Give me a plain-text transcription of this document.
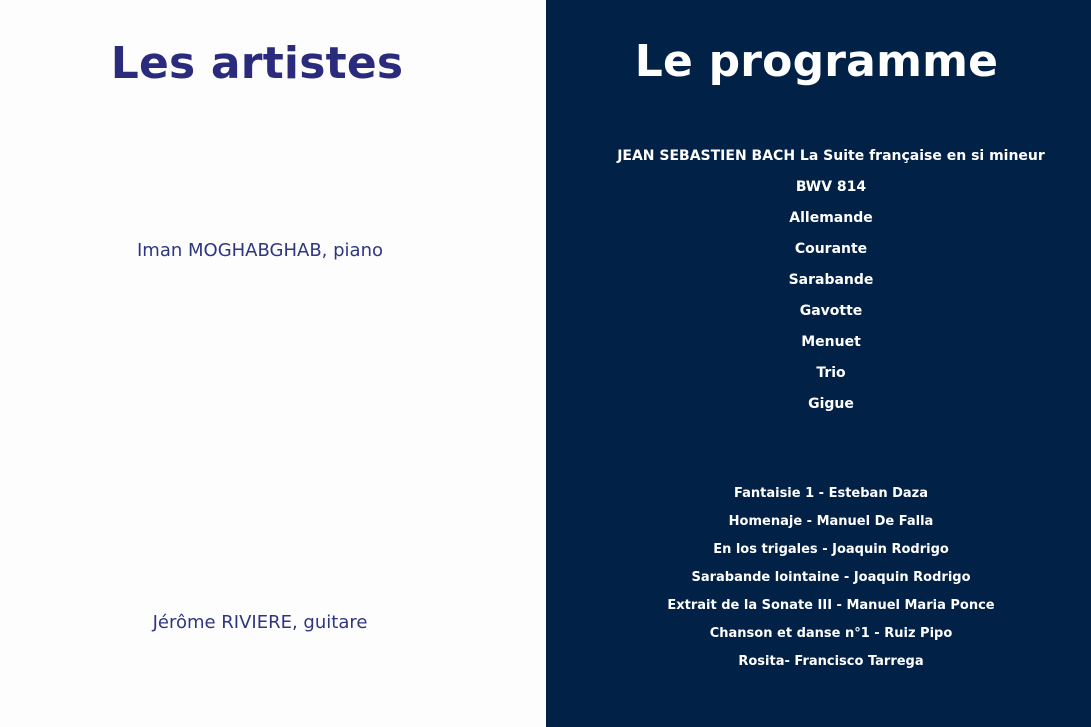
Les artistes

Iman MOGHABGHAB, piano

Jérôme RIVIERE, guitare

Le programme
JEAN SEBASTIEN BACH La Suite française en si mineur
BWV 814
Allemande
Courante
Sarabande
Gavotte
Menuet
Trio
Gigue
Fantaisie 1 - Esteban Daza
Homenaje - Manuel De Falla
En los trigales - Joaquin Rodrigo
Sarabande lointaine - Joaquin Rodrigo
Extrait de la Sonate III - Manuel Maria Ponce
Chanson et danse n°1 - Ruiz Pipo
Rosita- Francisco Tarrega
